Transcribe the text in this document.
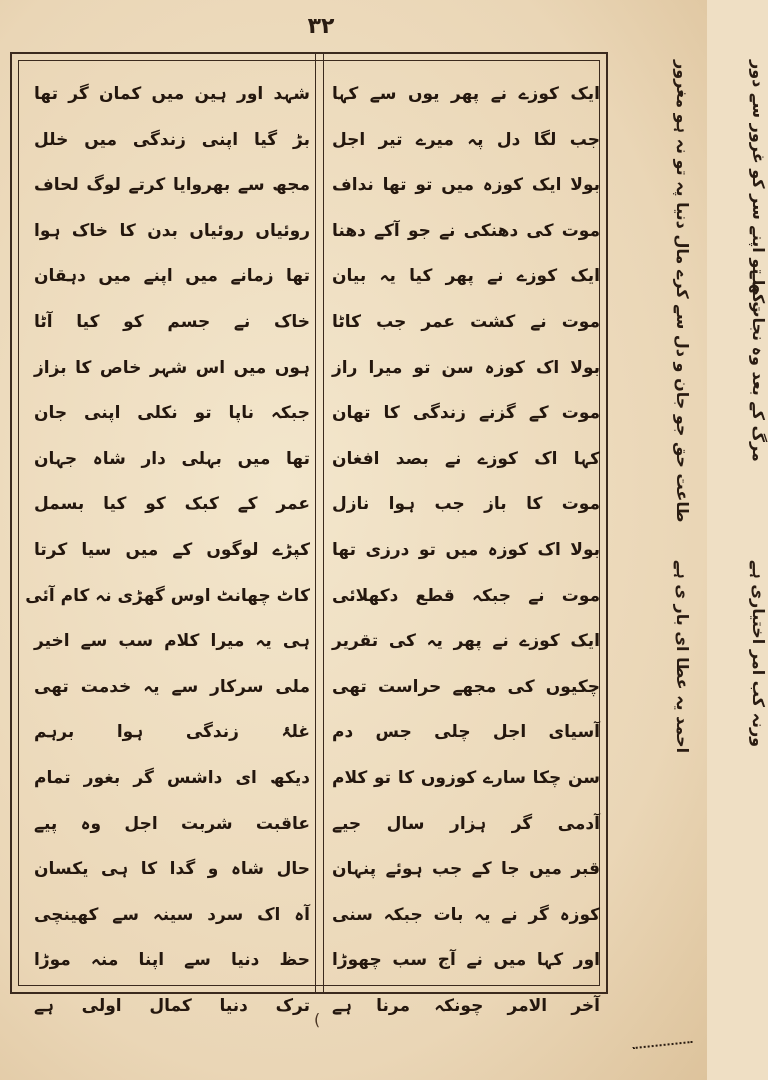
۳۲
ایک کوزے نے پھر یوں سے کہا
جب لگا دل پہ میرے تیر اجل
بولا ایک کوزہ میں تو تھا نداف
موت کی دھنکی نے جو آکے دھنا
ایک کوزے نے پھر کیا یہ بیان
موت نے کشت عمر جب کاٹا
بولا اک کوزہ سن تو میرا راز
موت کے گزنے زندگی کا تھان
کہا اک کوزے نے بصد افغان
موت کا باز جب ہوا نازل
بولا اک کوزہ میں تو درزی تھا
موت نے جبکہ قطع دکھلائی
ایک کوزے نے پھر یہ کی تقریر
چکیوں کی مجھے حراست تھی
آسیای اجل چلی جس دم
سن چکا سارے کوزوں کا تو کلام
آدمی گر ہزار سال جیے
قبر میں جا کے جب ہوئے پنہان
کوزہ گر نے یہ بات جبکہ سنی
اور کہا میں نے آج سب چھوڑا
آخر الامر چونکہ مرنا ہے
شہد اور ہین میں کمان گر تھا
بڑ گیا اپنی زندگی میں خلل
مجھ سے بھروایا کرتے لوگ لحاف
روئیاں روئیاں بدن کا خاک ہوا
تھا زمانے میں اپنے میں دہقان
خاک نے جسم کو کیا آٹا
ہوں میں اس شہر خاص کا بزاز
جبکہ ناپا تو نکلی اپنی جان
تھا میں بہلی دار شاہ جہان
عمر کے کبک کو کیا بسمل
کپڑے لوگوں کے میں سیا کرتا
کاٹ چھانٹ اوس گھڑی نہ کام آئی
ہی یہ میرا کلام سب سے اخیر
ملی سرکار سے یہ خدمت تھی
غلۂ زندگی ہوا برہم
دیکھ ای داشس گر بغور تمام
عاقبت شربت اجل وہ پیے
حال شاہ و گدا کا ہی یکسان
آہ اک سرد سینہ سے کھینچی
حظ دنیا سے اپنا منہ موڑا
ترک دنیا کمال اولی ہے
مال دنیا پہ تو نہ ہو مغرور	رکھ تو اپنے سر کو غرور سے دور
طاعت حق جو جان و دل سے کرے	مرگ کے بعد وہ نجات ملے
احمد یہ عطا ای بار ی ہے	ورنہ کب امر اختیاری ہے
(
